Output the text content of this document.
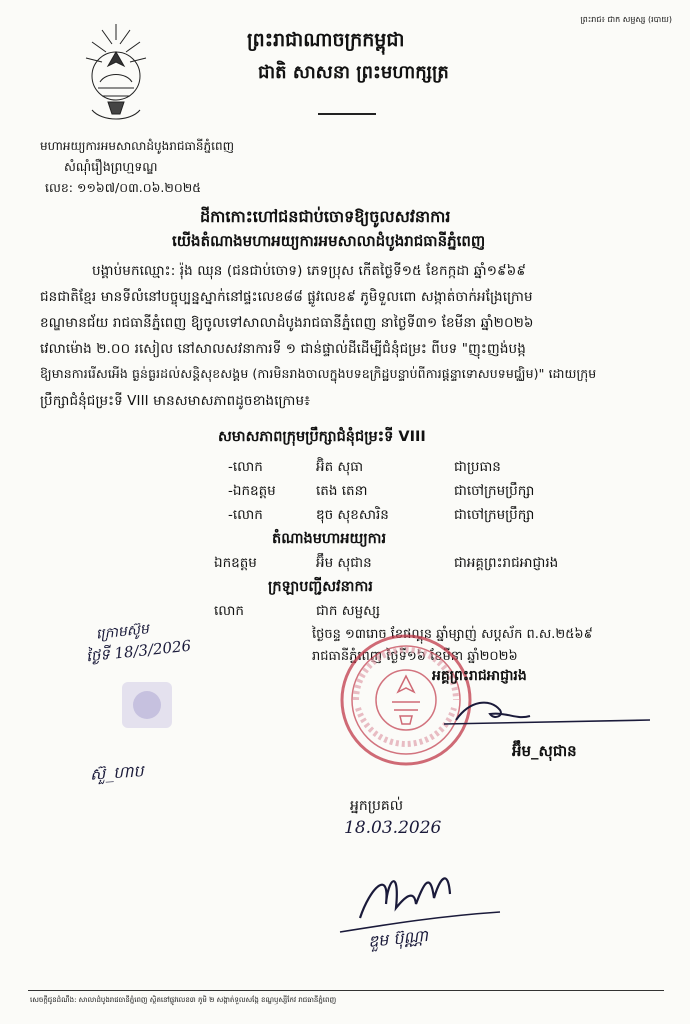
ព្រះរាជ៖ ជាក សម្ផស្ស (របាយ)
ព្រះរាជាណាចក្រកម្ពុជា
ជាតិ សាសនា ព្រះមហាក្សត្រ
មហាអយ្យការអមសាលាដំបូងរាជធានីភ្នំពេញ
សំណុំរឿងព្រហ្មទណ្ឌ
លេខ: ១១៦៧/០៣.០៦.២០២៥
ដីកាកោះហៅជនជាប់ចោទឱ្យចូលសវនាការ
យើងតំណាងមហាអយ្យការអមសាលាដំបូងរាជធានីភ្នំពេញ
បង្គាប់មកឈ្មោះ: រ៉ុង ឈុន (ជនជាប់ចោទ) ភេទប្រុស កើតថ្ងៃទី១៥ ខែកក្កដា ឆ្នាំ១៩៦៩
ជនជាតិខ្មែរ មានទីលំនៅបច្ចុប្បន្នស្នាក់នៅផ្ទះលេខ៨៨ ផ្លូវលេខ៩ ភូមិទួលពោ សង្កាត់ចាក់អង្រែក្រោម
ខណ្ឌមានជ័យ រាជធានីភ្នំពេញ ឱ្យចូលទៅសាលាដំបូងរាជធានីភ្នំពេញ នាថ្ងៃទី៣១ ខែមីនា ឆ្នាំ២០២៦
វេលាម៉ោង ២.០០ រសៀល នៅសាលសវនាការទី ១ ជាន់ផ្ទាល់ដីដើម្បីជំនុំជម្រះ ពីបទ "ញុះញង់បង្ក
ឱ្យមានការរើសអើង ធ្ងន់ធ្ងរដល់សន្តិសុខសង្គម (ការមិនរាងចាលក្នុងបទឧក្រិដ្ឋបន្ទាប់ពីការផ្តន្ទាទោសបទមជ្ឈិម)" ដោយក្រុម
ប្រឹក្សាជំនុំជម្រះទី VIII មានសមាសភាពដូចខាងក្រោម៖
សមាសភាពក្រុមប្រឹក្សាជំនុំជម្រះទី VIII
-លោក	អ៊ិត សុធា	ជាប្រធាន
-ឯកឧត្តម	តេង តេនា	ជាចៅក្រមប្រឹក្សា
-លោក	ឌុច សុខសារិន	ជាចៅក្រមប្រឹក្សា
តំណាងមហាអយ្យការ
ឯកឧត្តម	អ៊ឹម សុជាន	ជាអគ្គព្រះរាជអាជ្ញារង
ក្រឡាបញ្ជីសវនាការ
លោក	ជាក សម្ផស្ស
ថ្ងៃចន្ទ ១៣រោច ខែផល្គុន ឆ្នាំម្សាញ់ សប្តស័ក ព.ស.២៥៦៩
រាជធានីភ្នំពេញ ថ្ងៃទី១៦ ខែមីនា ឆ្នាំ២០២៦
អគ្គព្រះរាជអាជ្ញារង
អ៊ឹម_សុជាន
ក្រោមស៊ូម
ថ្ងៃទី 18/3/2026
ស៊ួ_ហាប
អ្នកប្រគល់
18.03.2026
ឌួម ប៊ុណ្ណា
សេចក្តីជូនដំណឹង: សាលាដំបូងរាជធានីភ្នំពេញ ស្ថិតនៅផ្លូវលេខ៣ ភូមិ ២ សង្កាត់ទួលសង្កែ ខណ្ឌឫស្សីកែវ រាជធានីភ្នំពេញ
